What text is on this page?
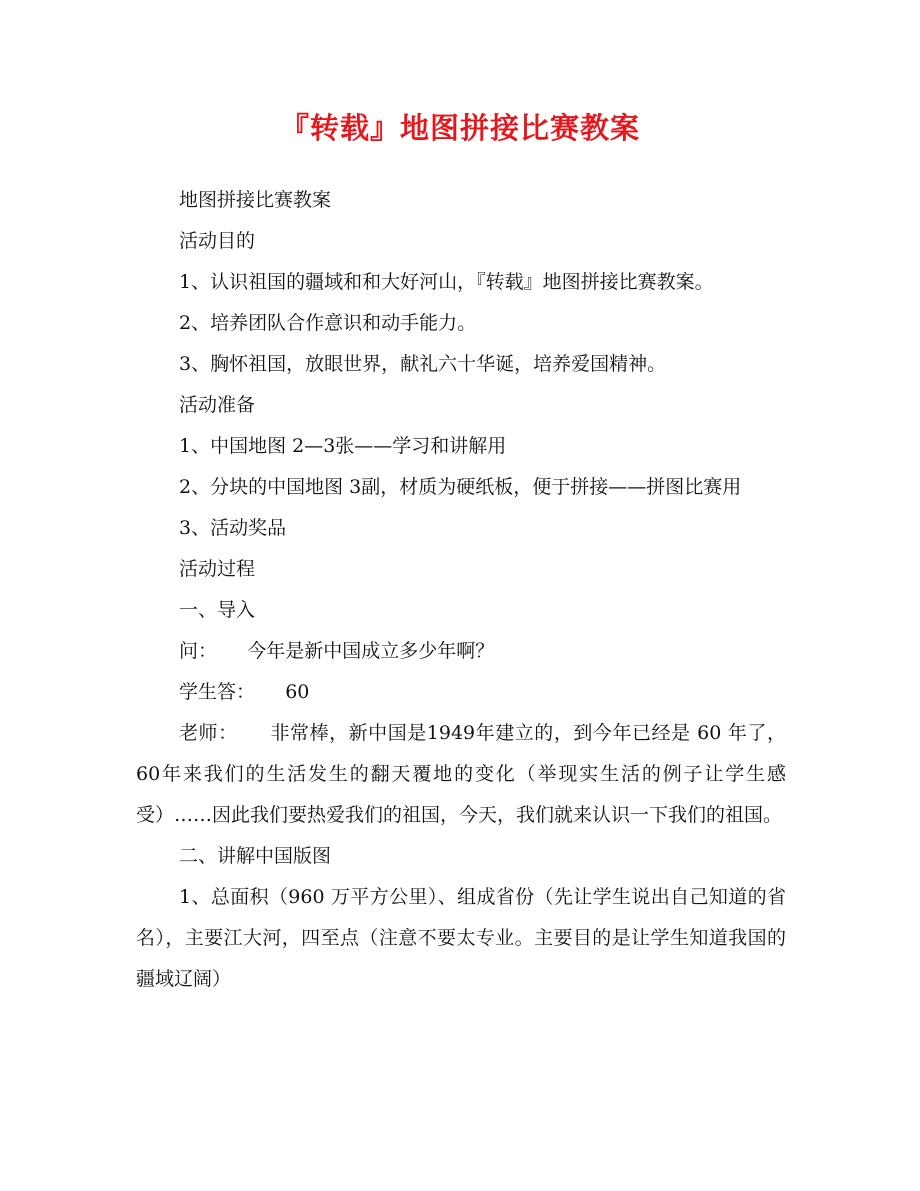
『转载』地图拼接比赛教案

地图拼接比赛教案

活动目的

1、认识祖国的疆域和和大好河山，『转载』地图拼接比赛教案。

2、培养团队合作意识和动手能力。

3、胸怀祖国，放眼世界，献礼六十华诞，培养爱国精神。

活动准备

1、中国地图 2—3张——学习和讲解用

2、分块的中国地图 3副，材质为硬纸板，便于拼接——拼图比赛用

3、活动奖品

活动过程

一、导入

问：     今年是新中国成立多少年啊？

学生答：     60

老师：     非常棒，新中国是1949年建立的，到今年已经是 60 年了，60年来我们的生活发生的翻天覆地的变化（举现实生活的例子让学生感受）……因此我们要热爱我们的祖国，今天，我们就来认识一下我们的祖国。

二、讲解中国版图

1、总面积（960 万平方公里）、组成省份（先让学生说出自己知道的省名），主要江大河，四至点（注意不要太专业。主要目的是让学生知道我国的疆域辽阔）
